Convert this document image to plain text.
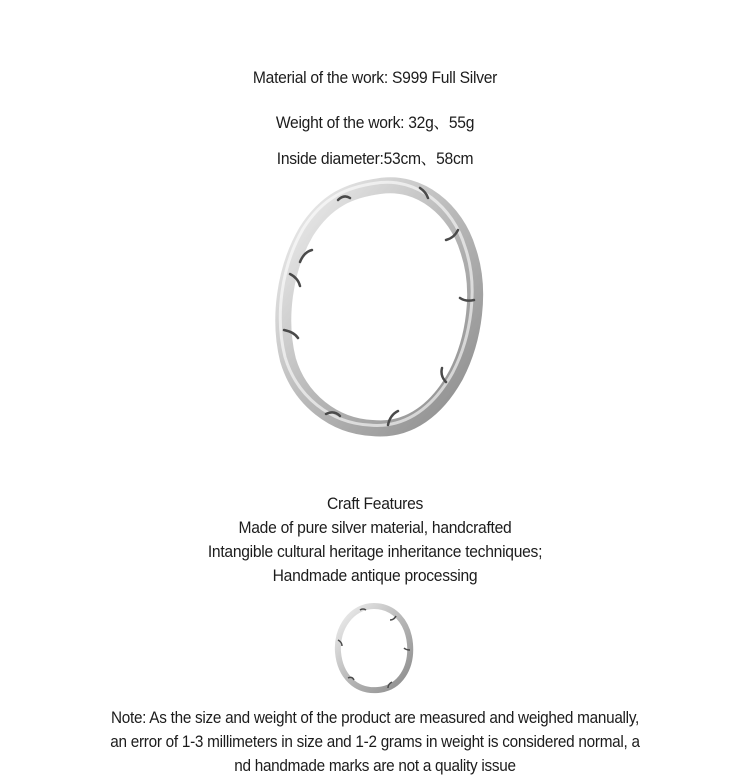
Material of the work: S999 Full Silver
Weight of the work: 32g、55g
Inside diameter:53cm、58cm
Craft Features
Made of pure silver material, handcrafted
Intangible cultural heritage inheritance techniques;
Handmade antique processing
Note: As the size and weight of the product are measured and weighed manually,
an error of 1-3 millimeters in size and 1-2 grams in weight is considered normal, a
nd handmade marks are not a quality issue
